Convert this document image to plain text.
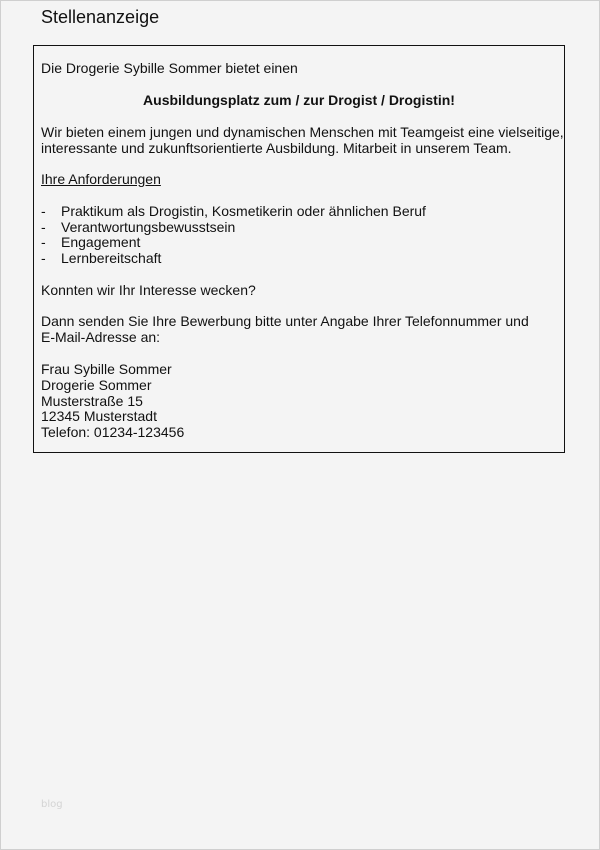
Stellenanzeige
Die Drogerie Sybille Sommer bietet einen
Ausbildungsplatz zum / zur Drogist / Drogistin!
Wir bieten einem jungen und dynamischen Menschen mit Teamgeist eine vielseitige,
interessante und zukunftsorientierte Ausbildung. Mitarbeit in unserem Team.
Ihre Anforderungen
- Praktikum als Drogistin, Kosmetikerin oder ähnlichen Beruf
- Verantwortungsbewusstsein
- Engagement
- Lernbereitschaft
Konnten wir Ihr Interesse wecken?
Dann senden Sie Ihre Bewerbung bitte unter Angabe Ihrer Telefonnummer und
E-Mail-Adresse an:
Frau Sybille Sommer
Drogerie Sommer
Musterstraße 15
12345 Musterstadt
Telefon: 01234-123456
blog
